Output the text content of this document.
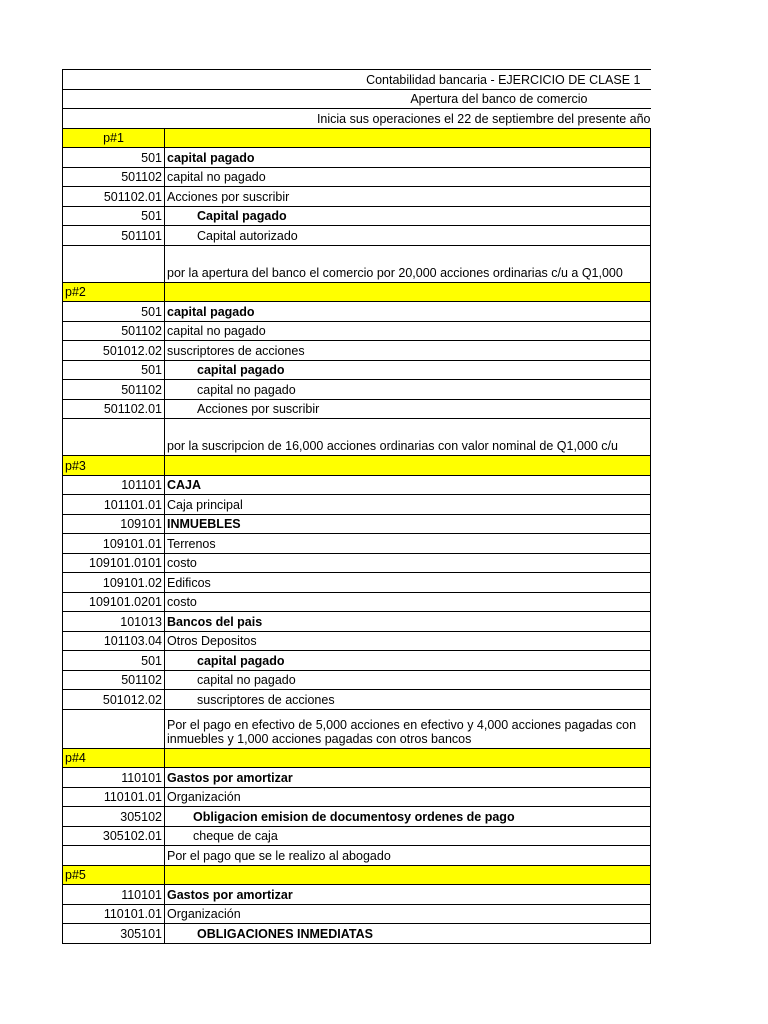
Contabilidad bancaria - EJERCICIO DE CLASE 1	
Apertura del banco de comercio	
Inicia sus operaciones el 22 de septiembre del presente año	
p#1	
501	capital pagado
501102	capital no pagado
501102.01	Acciones por suscribir
501	Capital pagado
501101	Capital autorizado
	por la apertura del banco el comercio por 20,000 acciones ordinarias c/u a Q1,000
p#2	
501	capital pagado
501102	capital no pagado
501012.02	suscriptores de acciones
501	capital pagado
501102	capital no pagado
501102.01	Acciones por suscribir
	por la suscripcion de 16,000 acciones ordinarias con valor nominal de Q1,000 c/u
p#3	
101101	CAJA
101101.01	Caja principal
109101	INMUEBLES
109101.01	Terrenos
109101.0101	costo
109101.02	Edificos
109101.0201	costo
101013	Bancos del pais
101103.04	Otros Depositos
501	capital pagado
501102	capital no pagado
501012.02	suscriptores de acciones
	Por el pago en efectivo de 5,000 acciones en efectivo y 4,000 acciones pagadas con inmuebles y 1,000 acciones pagadas con otros bancos
p#4	
110101	Gastos por amortizar
110101.01	Organización
305102	Obligacion emision de documentosy ordenes de pago
305102.01	cheque de caja
	Por el pago que se le realizo al abogado
p#5	
110101	Gastos por amortizar
110101.01	Organización
305101	OBLIGACIONES INMEDIATAS
